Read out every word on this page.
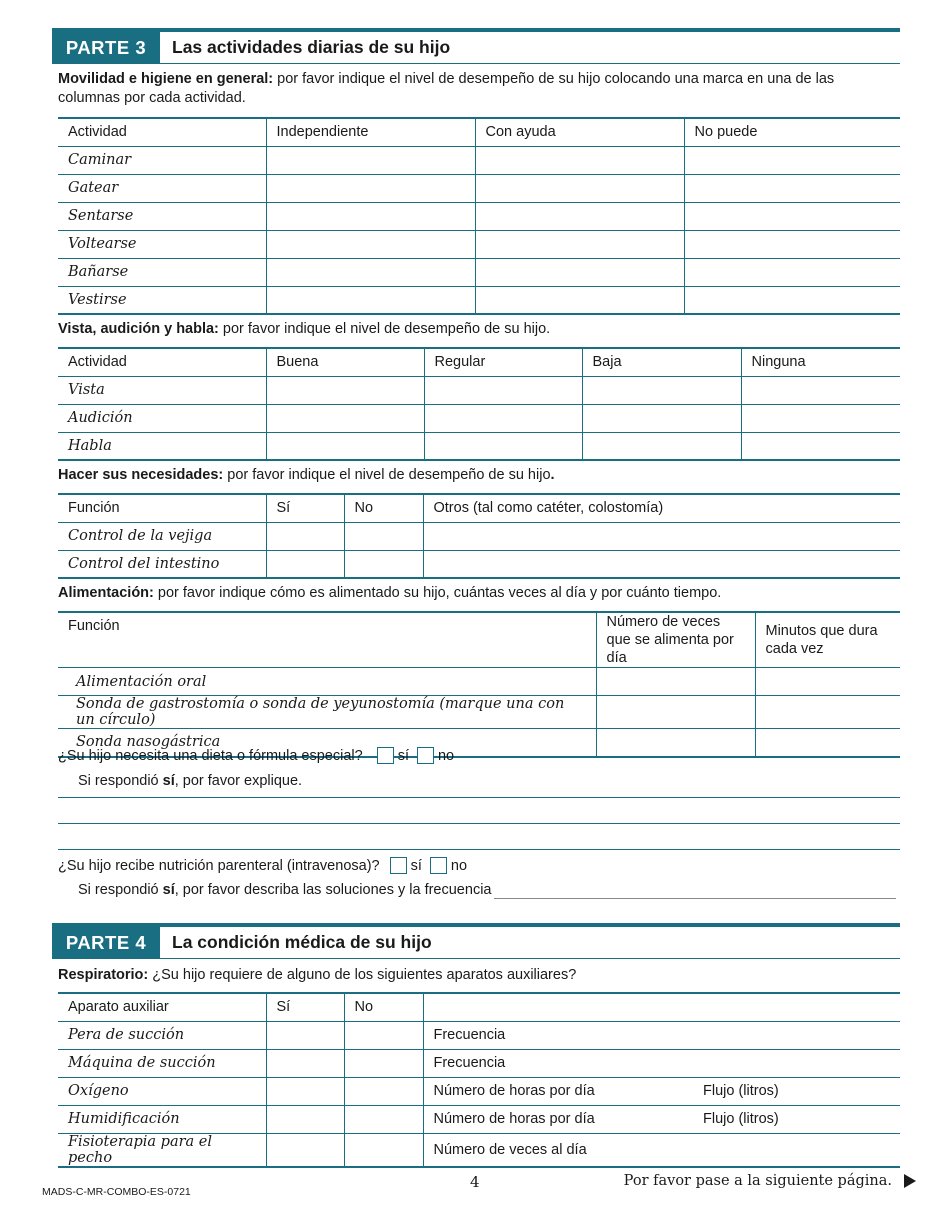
PARTE 3	Las actividades diarias de su hijo
Movilidad e higiene en general: por favor indique el nivel de desempeño de su hijo colocando una marca en una de las columnas por cada actividad.
Actividad	Independiente	Con ayuda	No puede
Caminar			
Gatear			
Sentarse			
Voltearse			
Bañarse			
Vestirse			
Vista, audición y habla: por favor indique el nivel de desempeño de su hijo.
Actividad	Buena	Regular	Baja	Ninguna
Vista				
Audición				
Habla				
Hacer sus necesidades: por favor indique el nivel de desempeño de su hijo.
Función	Sí	No	Otros (tal como catéter, colostomía)
Control de la vejiga			
Control del intestino			
Alimentación: por favor indique cómo es alimentado su hijo, cuántas veces al día y por cuánto tiempo.
Función	Número de veces que se alimenta por día	Minutos que dura cada vez
Alimentación oral		
Sonda de gastrostomía o sonda de yeyunostomía (marque una con un círculo)		
Sonda nasogástrica		
¿Su hijo necesita una dieta o fórmula especial? sí no
Si respondió sí, por favor explique.
¿Su hijo recibe nutrición parenteral (intravenosa)? sí no
Si respondió sí, por favor describa las soluciones y la frecuencia
PARTE 4	La condición médica de su hijo
Respiratorio: ¿Su hijo requiere de alguno de los siguientes aparatos auxiliares?
Aparato auxiliar	Sí	No		
Pera de succión			Frecuencia	
Máquina de succión			Frecuencia	
Oxígeno			Número de horas por día	Flujo (litros)
Humidificación			Número de horas por día	Flujo (litros)
Fisioterapia para el pecho			Número de veces al día	
MADS-C-MR-COMBO-ES-0721
4	Por favor pase a la siguiente página.
